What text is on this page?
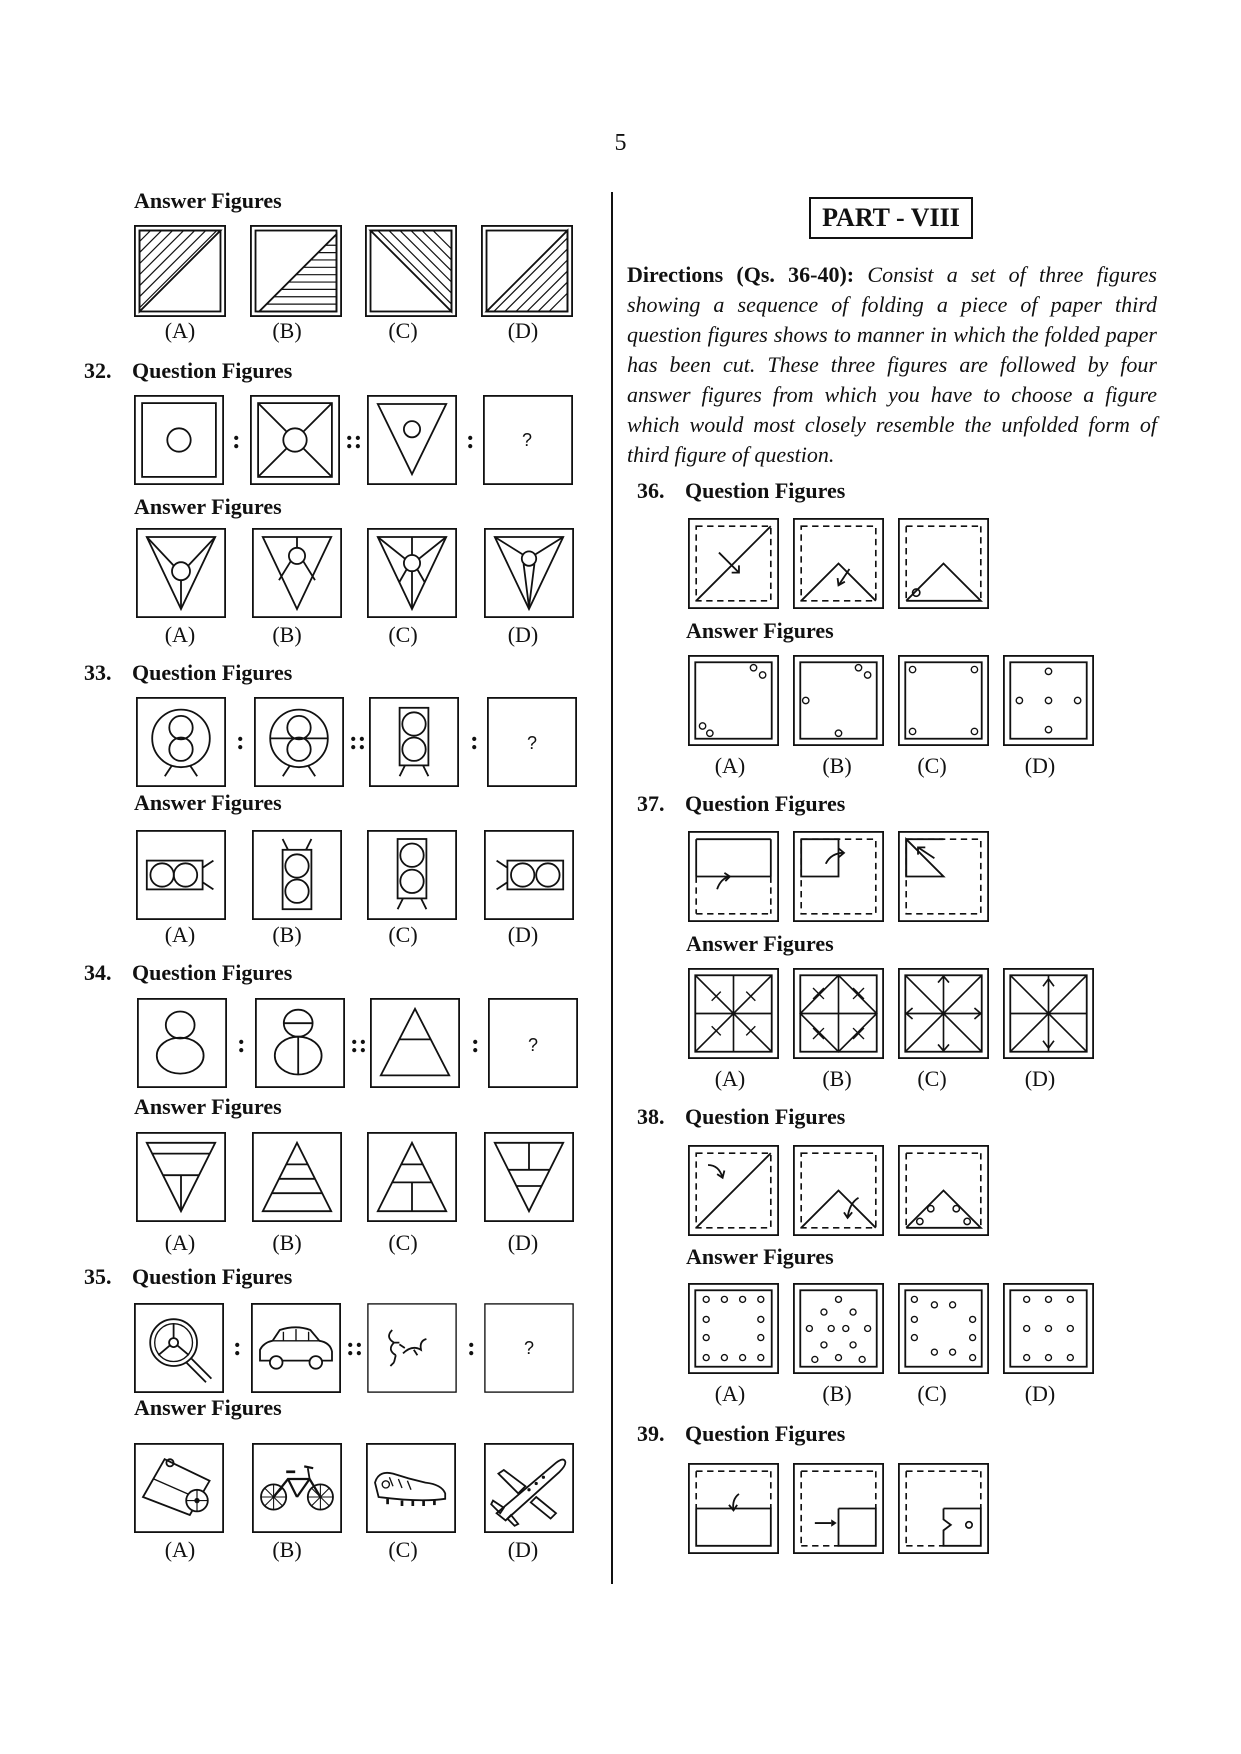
5
Answer Figures
(A)	(B)	(C)	(D)
32. Question Figures
:	::	:	?
Answer Figures
(A)	(B)	(C)	(D)
33. Question Figures
:	::	:	?
Answer Figures
(A)	(B)	(C)	(D)
34. Question Figures
:	::	:	?
Answer Figures
(A)	(B)	(C)	(D)
35. Question Figures
:	::	:	?
Answer Figures
(A)	(B)	(C)	(D)
PART - VIII
Directions (Qs. 36-40): Consist a set of three figures showing a sequence of folding a piece of paper third question figures shows to manner in which the folded paper has been cut. These three figures are followed by four answer figures from which you have to choose a figure which would most closely resemble the unfolded form of third figure of question.
36. Question Figures
Answer Figures
(A)	(B)	(C)	(D)
37. Question Figures
Answer Figures
(A)	(B)	(C)	(D)
38. Question Figures
Answer Figures
(A)	(B)	(C)	(D)
39. Question Figures
